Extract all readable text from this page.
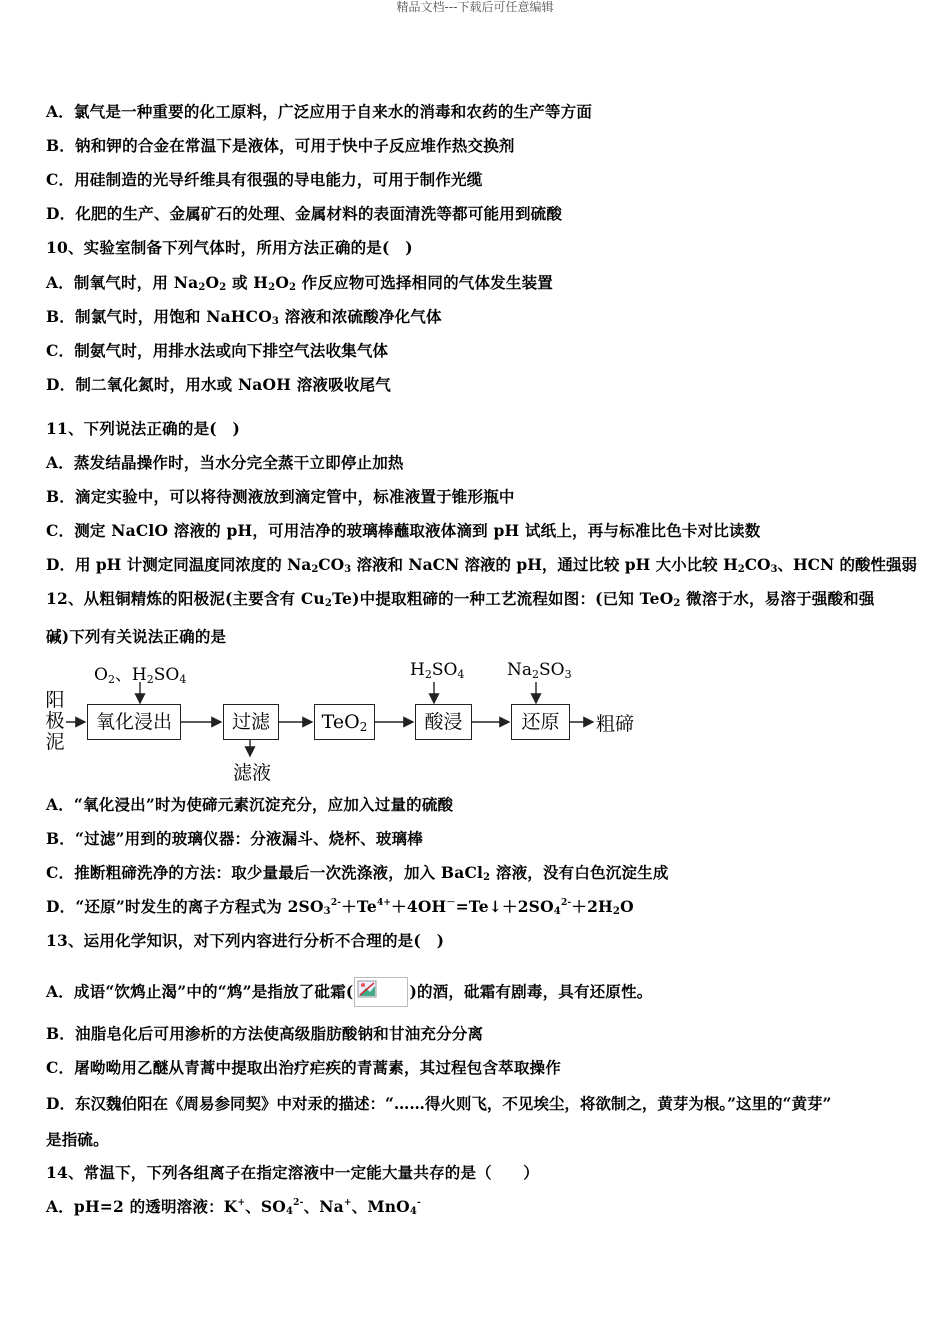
精品文档---下载后可任意编辑
A．氯气是一种重要的化工原料，广泛应用于自来水的消毒和农药的生产等方面
B．钠和钾的合金在常温下是液体，可用于快中子反应堆作热交换剂
C．用硅制造的光导纤维具有很强的导电能力，可用于制作光缆
D．化肥的生产、金属矿石的处理、金属材料的表面清洗等都可能用到硫酸
10、实验室制备下列气体时，所用方法正确的是(　)
A．制氧气时，用 $Na_2O_2$ 或 $H_2O_2$ 作反应物可选择相同的气体发生装置
B．制氯气时，用饱和 NaHCO$_3$ 溶液和浓硫酸净化气体
C．制氨气时，用排水法或向下排空气法收集气体
D．制二氧化氮时，用水或 NaOH 溶液吸收尾气
11、下列说法正确的是(　)
A．蒸发结晶操作时，当水分完全蒸干立即停止加热
B．滴定实验中，可以将待测液放到滴定管中，标准液置于锥形瓶中
C．测定 NaClO 溶液的 pH，可用洁净的玻璃棒蘸取液体滴到 pH 试纸上，再与标准比色卡对比读数
D．用 pH 计测定同温度同浓度的 $Na_2CO_3$ 溶液和 NaCN 溶液的 pH，通过比较 pH 大小比较 $H_2CO_3$、HCN 的酸性强弱
12、从粗铜精炼的阳极泥(主要含有 $Cu_2Te$)中提取粗碲的一种工艺流程如图：(已知 TeO$_2$ 微溶于水，易溶于强酸和强
碱)下列有关说法正确的是
阳
极
泥
$O_2$、$H_2SO_4$
氧化浸出	过滤
滤液
TeO$_2$
$H_2SO_4$
酸浸
$Na_2SO_3$
还原	粗碲
A．“氧化浸出”时为使碲元素沉淀充分，应加入过量的硫酸
B．“过滤”用到的玻璃仪器：分液漏斗、烧杯、玻璃棒
C．推断粗碲洗净的方法：取少量最后一次洗涤液，加入 BaCl$_2$ 溶液，没有白色沉淀生成
D．“还原”时发生的离子方程式为 $2SO_3^{2-}+Te^{4+}+4OH^-=Te↓+2SO_4^{2-}+2H_2O$
13、运用化学知识，对下列内容进行分析不合理的是(　)
A．成语“饮鸩止渴”中的“鸩”是指放了砒霜(	)的酒，砒霜有剧毒，具有还原性。
B．油脂皂化后可用渗析的方法使高级脂肪酸钠和甘油充分分离
C．屠呦呦用乙醚从青蒿中提取出治疗疟疾的青蒿素，其过程包含萃取操作
D．东汉魏伯阳在《周易参同契》中对汞的描述：“……得火则飞，不见埃尘，将欲制之，黄芽为根。”这里的“黄芽”
是指硫。
14、常温下，下列各组离子在指定溶液中一定能大量共存的是（　　）
A．pH=2 的透明溶液：K+、$SO_4^{2-}$、Na+、MnO$_4$-
